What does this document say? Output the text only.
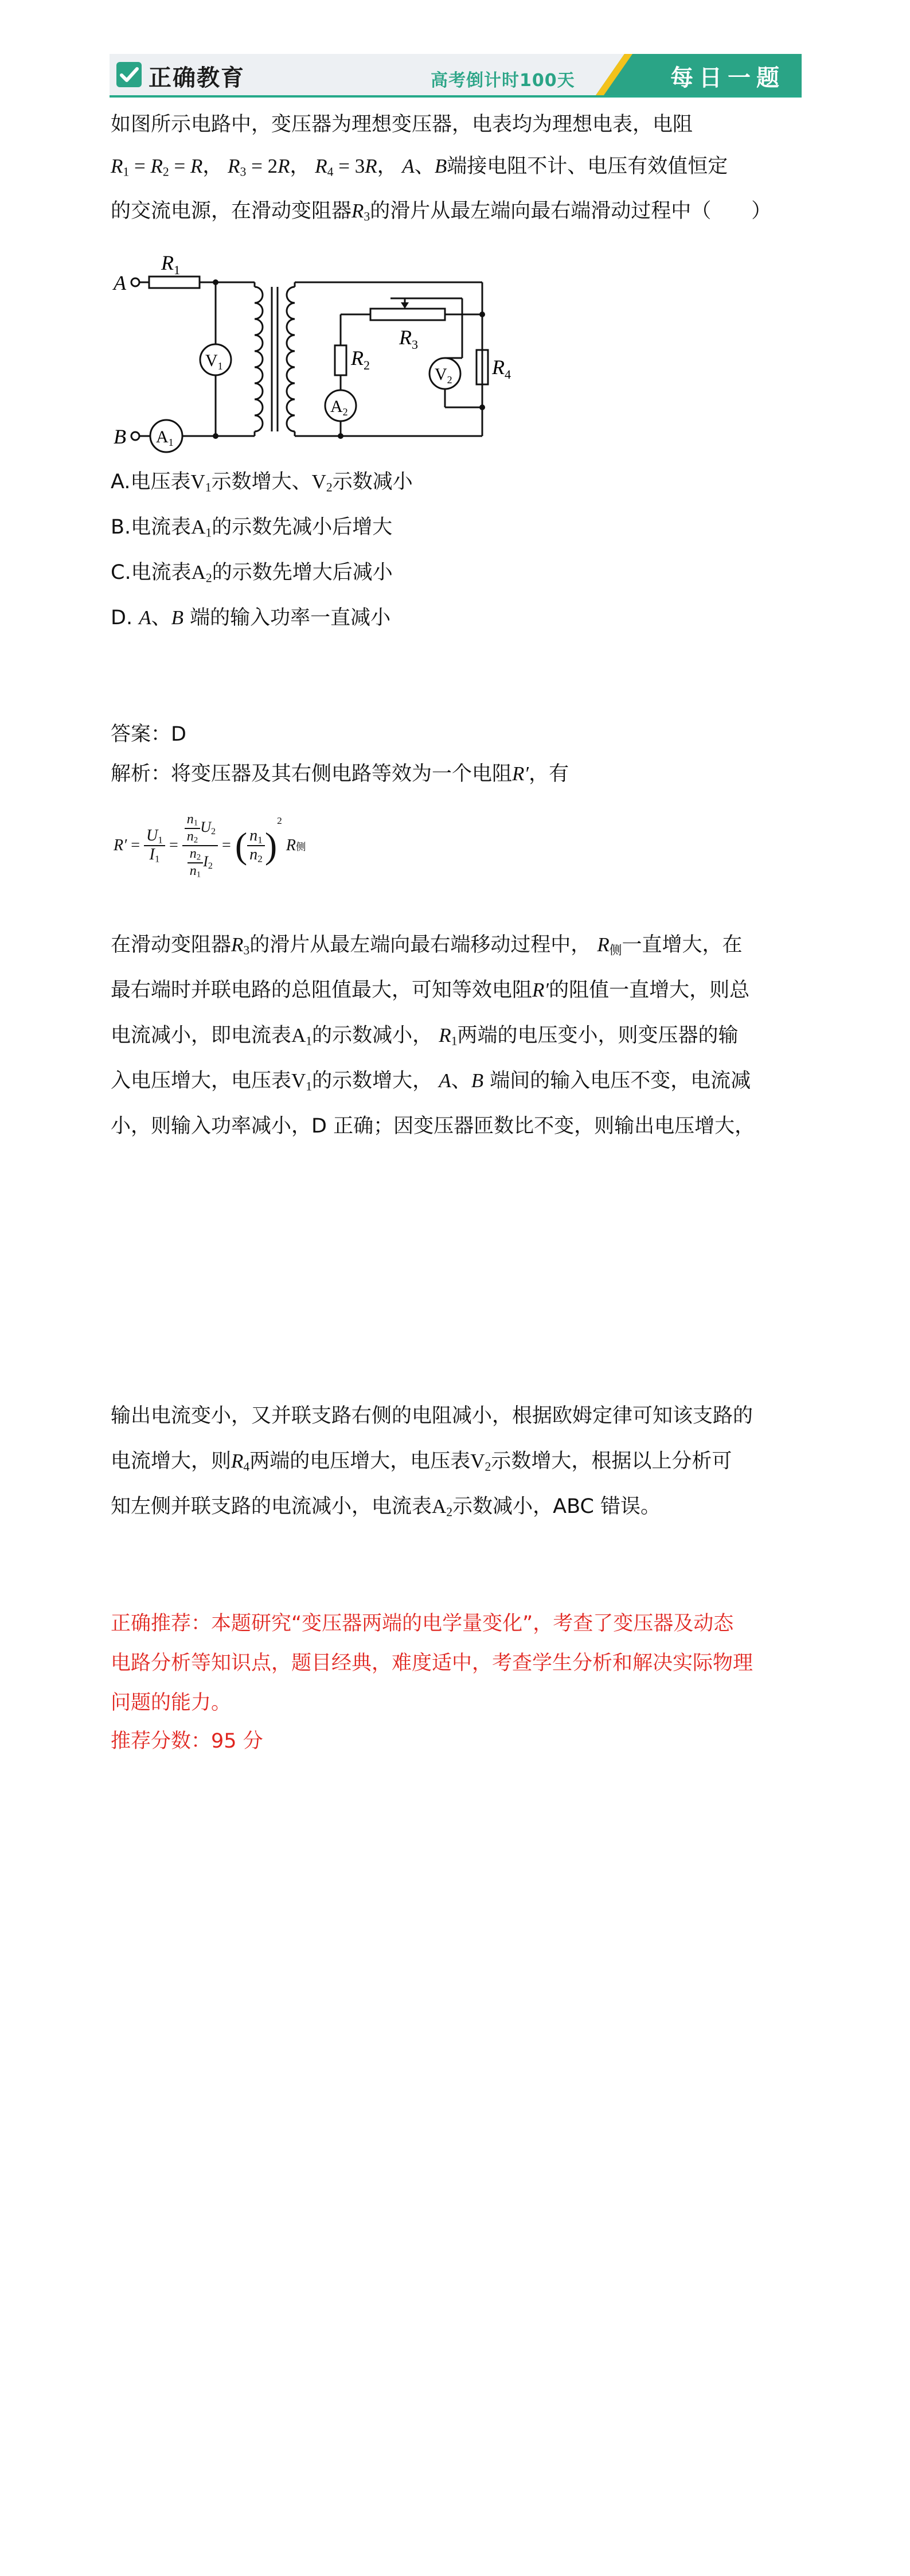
正确教育	高考倒计时100天	每日一题
如图所示电路中，变压器为理想变压器，电表均为理想电表，电阻
$R_1 = R_2 = R$， $R_3 = 2R$， $R_4 = 3R$， A、B端接电阻不计、电压有效值恒定
的交流电源，在滑动变阻器$R_3$的滑片从最左端向最右端滑动过程中（　　）
A
B
$R_1$
$V_1$
$A_1$
$R_2$
$A_2$
$R_3$
$V_2$
$R_4$
A.电压表$V_1$示数增大、$V_2$示数减小
B.电流表$A_1$的示数先减小后增大
C.电流表$A_2$的示数先增大后减小
D. A、B 端的输入功率一直减小
答案：D
解析：将变压器及其右侧电路等效为一个电阻R′，有
$R' = \frac{U_1}{I_1} = \frac{\frac{n_1}{n_2} U_2}{\frac{n_2}{n_1} I_2}$ = ( $\frac{n_1}{n_2}$ )
2

R 侧
在滑动变阻器$R_3$的滑片从最左端向最右端移动过程中， $R_侧$一直增大，在
最右端时并联电路的总阻值最大，可知等效电阻R′的阻值一直增大，则总
电流减小，即电流表$A_1$的示数减小， $R_1$两端的电压变小，则变压器的输
入电压增大，电压表$V_1$的示数增大， A、B 端间的输入电压不变，电流减
小，则输入功率减小，D 正确；因变压器匝数比不变，则输出电压增大，
输出电流变小，又并联支路右侧的电阻减小，根据欧姆定律可知该支路的
电流增大，则$R_4$两端的电压增大，电压表$V_2$示数增大，根据以上分析可
知左侧并联支路的电流减小，电流表$A_2$示数减小，ABC 错误。
正确推荐：本题研究“变压器两端的电学量变化”，考查了变压器及动态
电路分析等知识点，题目经典，难度适中，考查学生分析和解决实际物理
问题的能力。
推荐分数：95 分
